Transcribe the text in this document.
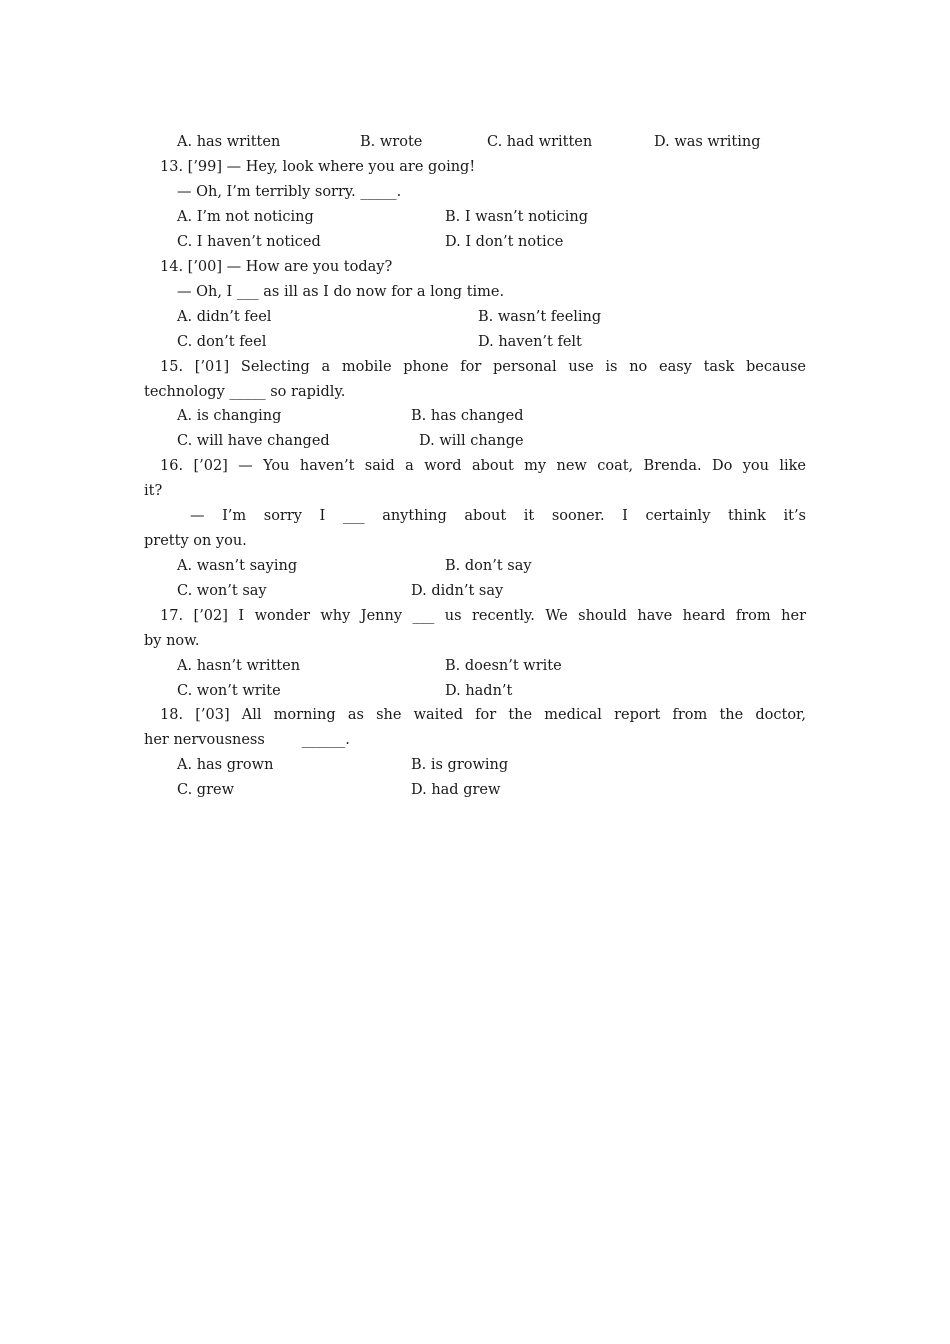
A. has written	B. wrote	C. had written	D. was writing
13. [’99] — Hey, look where you are going!
— Oh, I’m terribly sorry. _____.
A. I’m not noticing	B. I wasn’t noticing
C. I haven’t noticed	D. I don’t notice
14. [’00] — How are you today?
— Oh, I ___ as ill as I do now for a long time.
A. didn’t feel	B. wasn’t feeling
C. don’t feel	D. haven’t felt
15. [’01] Selecting a mobile phone for personal use is no easy task because
technology _____ so rapidly.
A. is changing	B. has changed
C. will have changed	D. will change
16. [’02] — You haven’t said a word about my new coat, Brenda. Do you like
it?
— I’m sorry I ___ anything about it sooner. I certainly think it’s
pretty on you.
A. wasn’t saying	B. don’t say
C. won’t say	D. didn’t say
17. [’02] I wonder why Jenny ___ us recently. We should have heard from her
by now.
A. hasn’t written	B. doesn’t write
C. won’t write	D. hadn’t
18. [’03] All morning as she waited for the medical report from the doctor,
her nervousness        ______.
A. has grown	B. is growing
C. grew	D. had grew
